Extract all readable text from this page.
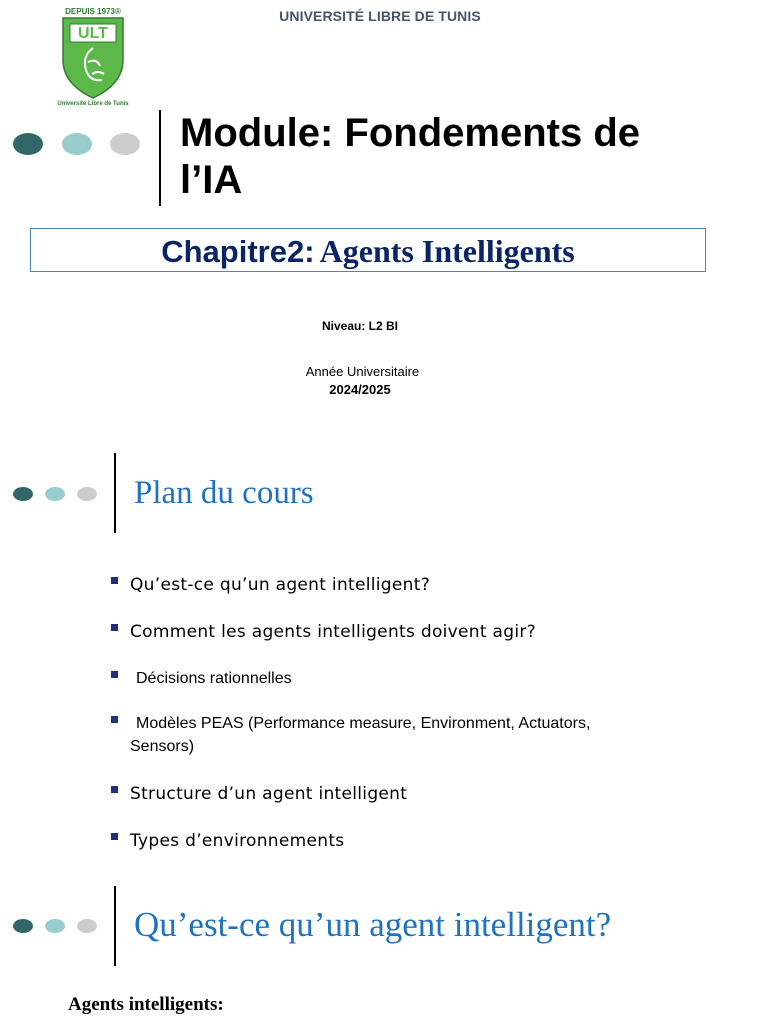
DEPUIS 1973®
ULT
Université Libre de Tunis
UNIVERSITÉ LIBRE DE TUNIS
Module: Fondements de l’IA
Chapitre2: Agents Intelligents
Niveau: L2 BI
Année Universitaire
2024/2025
Plan du cours
Qu’est-ce qu’un agent intelligent?
Comment les agents intelligents doivent agir?
Décisions rationnelles
Modèles PEAS (Performance measure, Environment, Actuators, Sensors)
Structure d’un agent intelligent
Types d’environnements
Qu’est-ce qu’un agent intelligent?
Agents intelligents:
